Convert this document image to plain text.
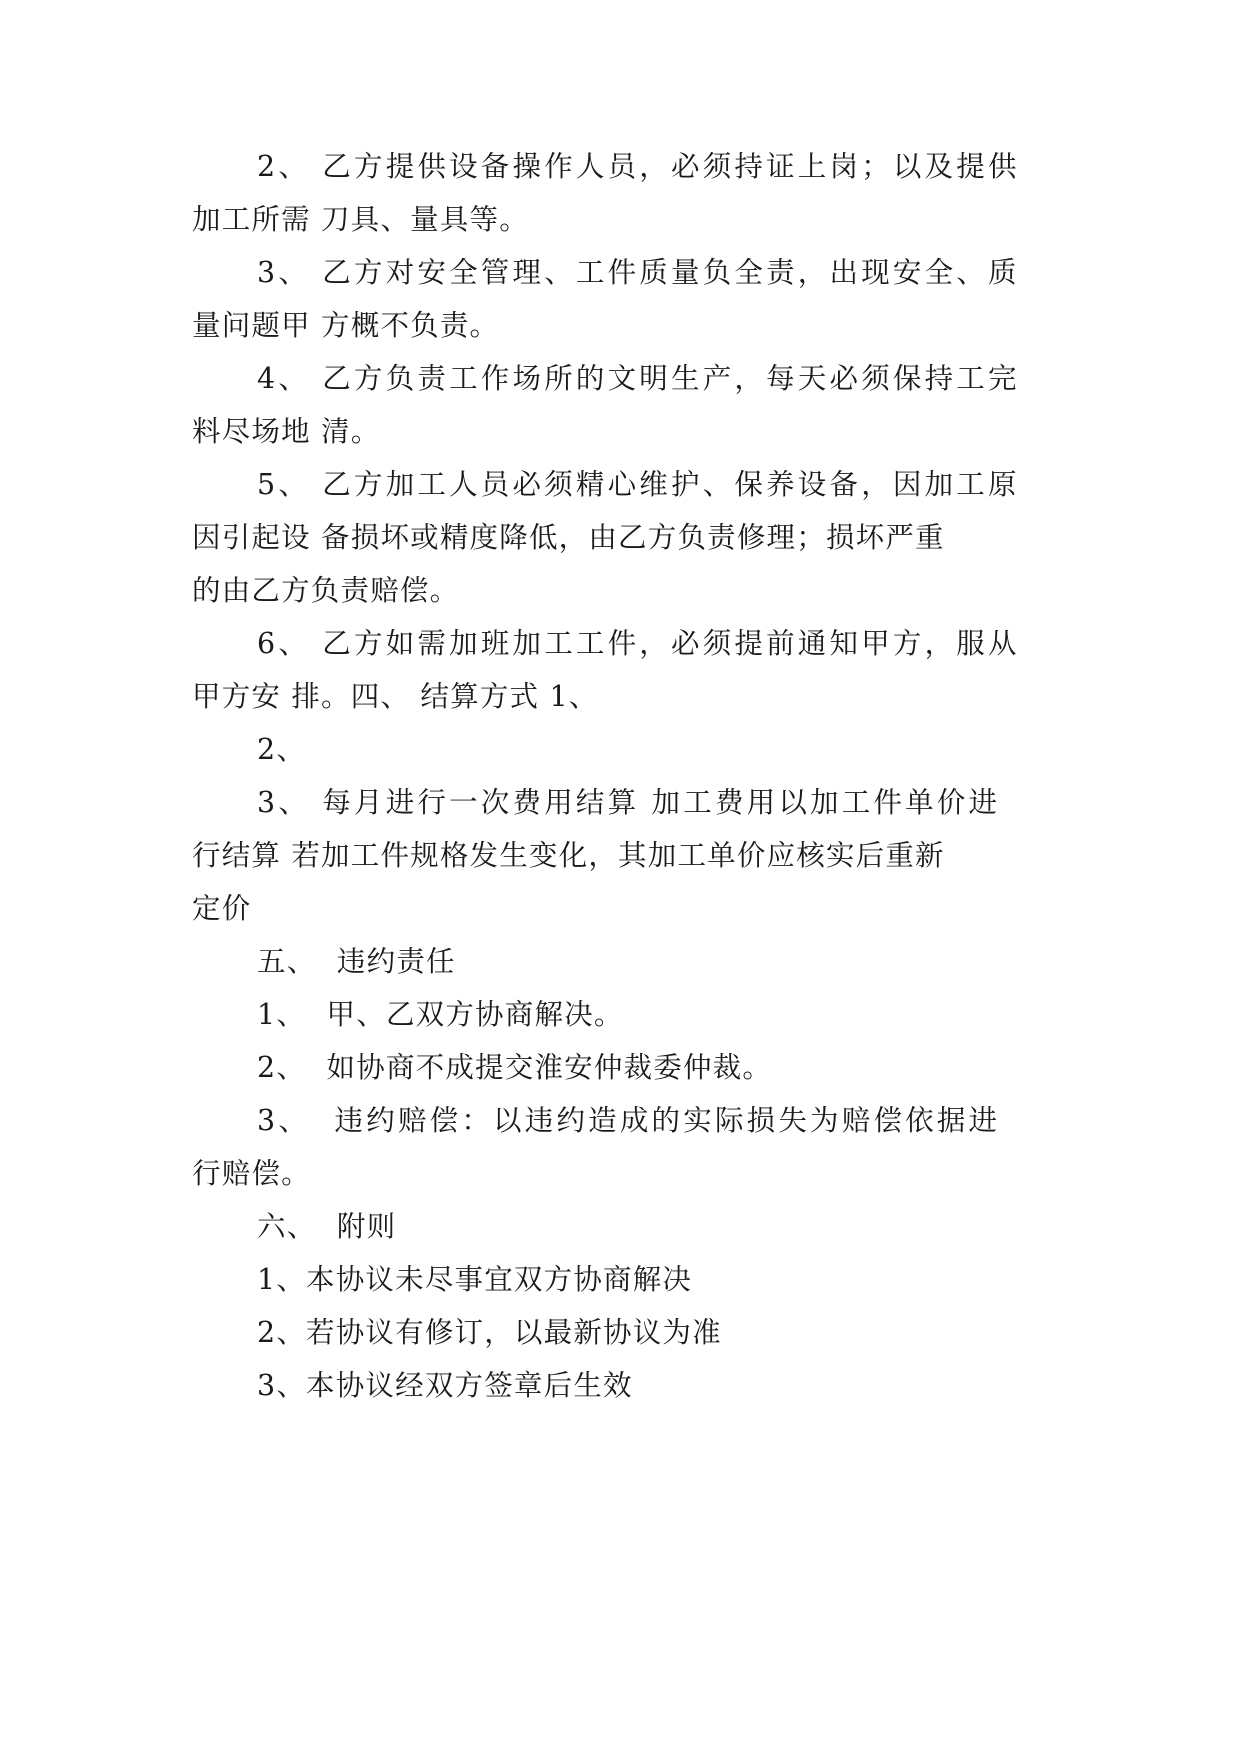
2、 乙方提供设备操作人员，必须持证上岗；以及提供
加工所需 刀具、量具等。
3、 乙方对安全管理、工件质量负全责，出现安全、质
量问题甲 方概不负责。
4、 乙方负责工作场所的文明生产，每天必须保持工完
料尽场地 清。
5、 乙方加工人员必须精心维护、保养设备，因加工原
因引起设 备损坏或精度降低，由乙方负责修理；损坏严重
的由乙方负责赔偿。
6、 乙方如需加班加工工件，必须提前通知甲方，服从
甲方安 排。四、 结算方式 1、
2、
3、 每月进行一次费用结算 加工费用以加工件单价进
行结算 若加工件规格发生变化，其加工单价应核实后重新
定价
五、  违约责任
1、  甲、乙双方协商解决。
2、  如协商不成提交淮安仲裁委仲裁。
3、  违约赔偿：以违约造成的实际损失为赔偿依据进
行赔偿。
六、  附则
1、本协议未尽事宜双方协商解决
2、若协议有修订，以最新协议为准
3、本协议经双方签章后生效
